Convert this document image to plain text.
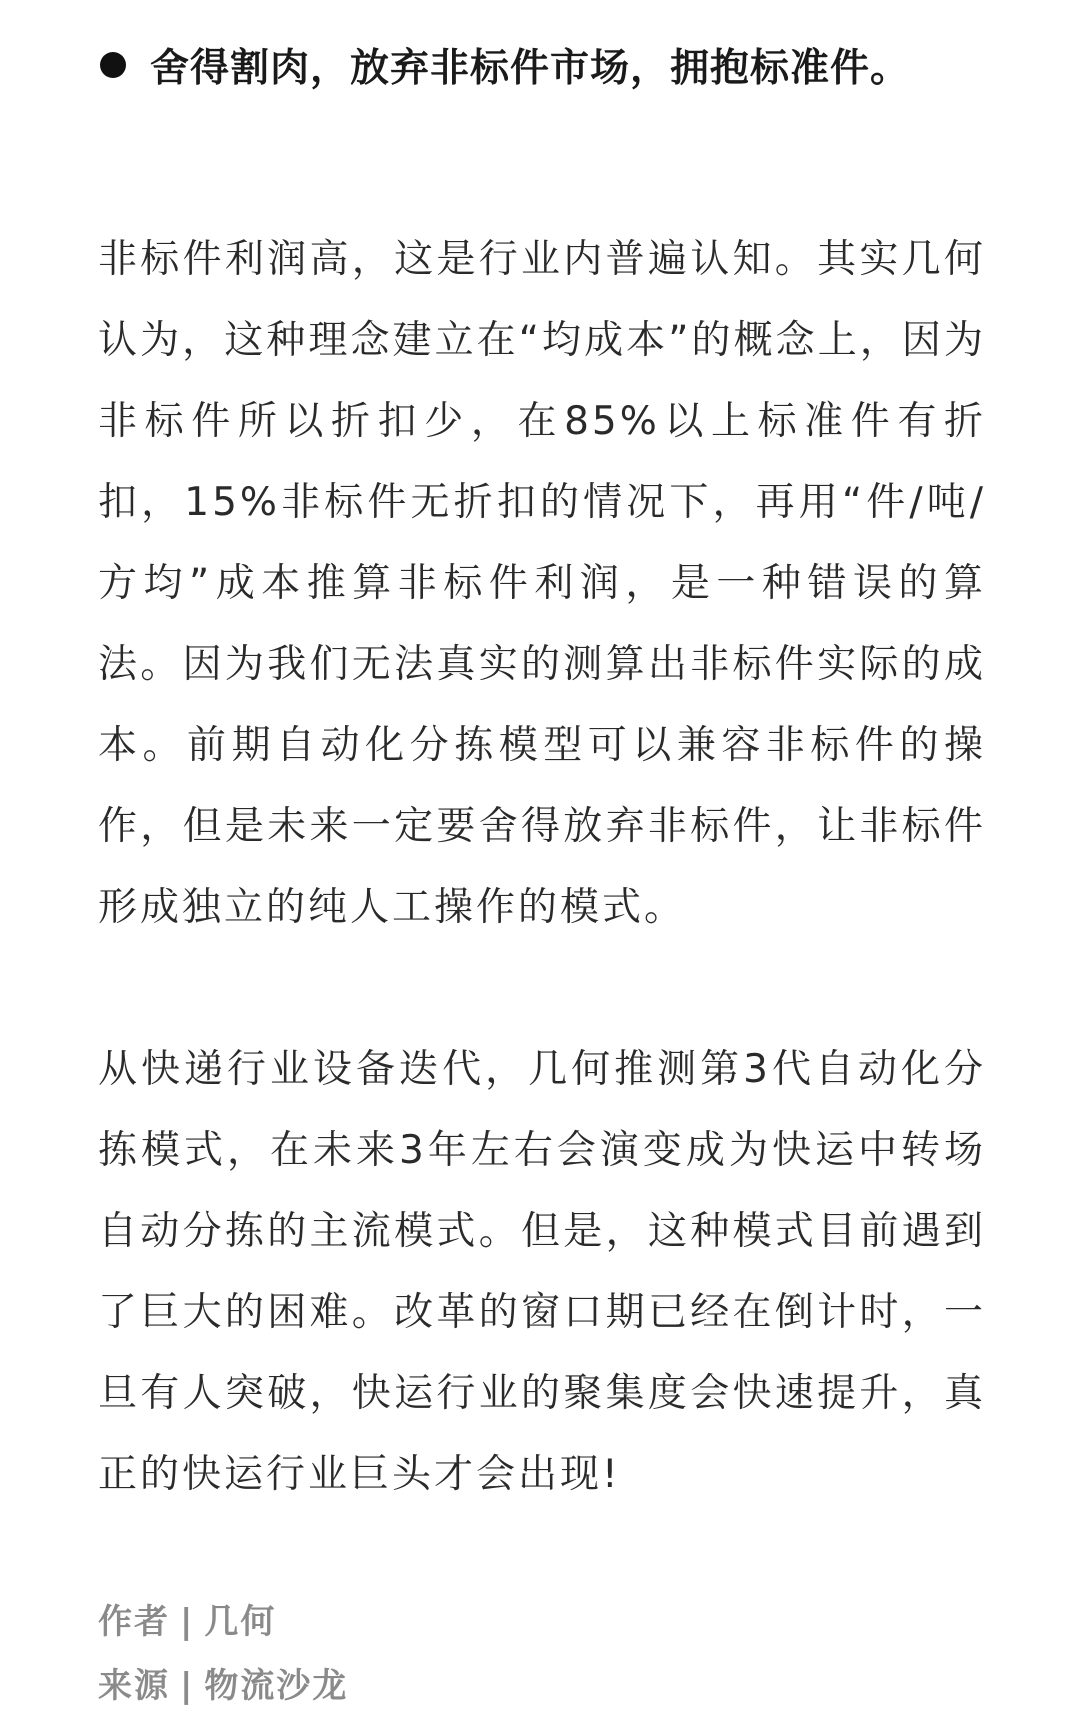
舍得割肉，放弃非标件市场，拥抱标准件。

非标件利润高，这是行业内普遍认知。其实几何认为，这种理念建立在“均成本”的概念上，因为非标件所以折扣少，在85%以上标准件有折扣，15%非标件无折扣的情况下，再用“件/吨/方均”成本推算非标件利润，是一种错误的算法。因为我们无法真实的测算出非标件实际的成本。前期自动化分拣模型可以兼容非标件的操作，但是未来一定要舍得放弃非标件，让非标件形成独立的纯人工操作的模式。

从快递行业设备迭代，几何推测第3代自动化分拣模式，在未来3年左右会演变成为快运中转场自动分拣的主流模式。但是，这种模式目前遇到了巨大的困难。改革的窗口期已经在倒计时，一旦有人突破，快运行业的聚集度会快速提升，真正的快运行业巨头才会出现!

作者 | 几何
来源 | 物流沙龙
